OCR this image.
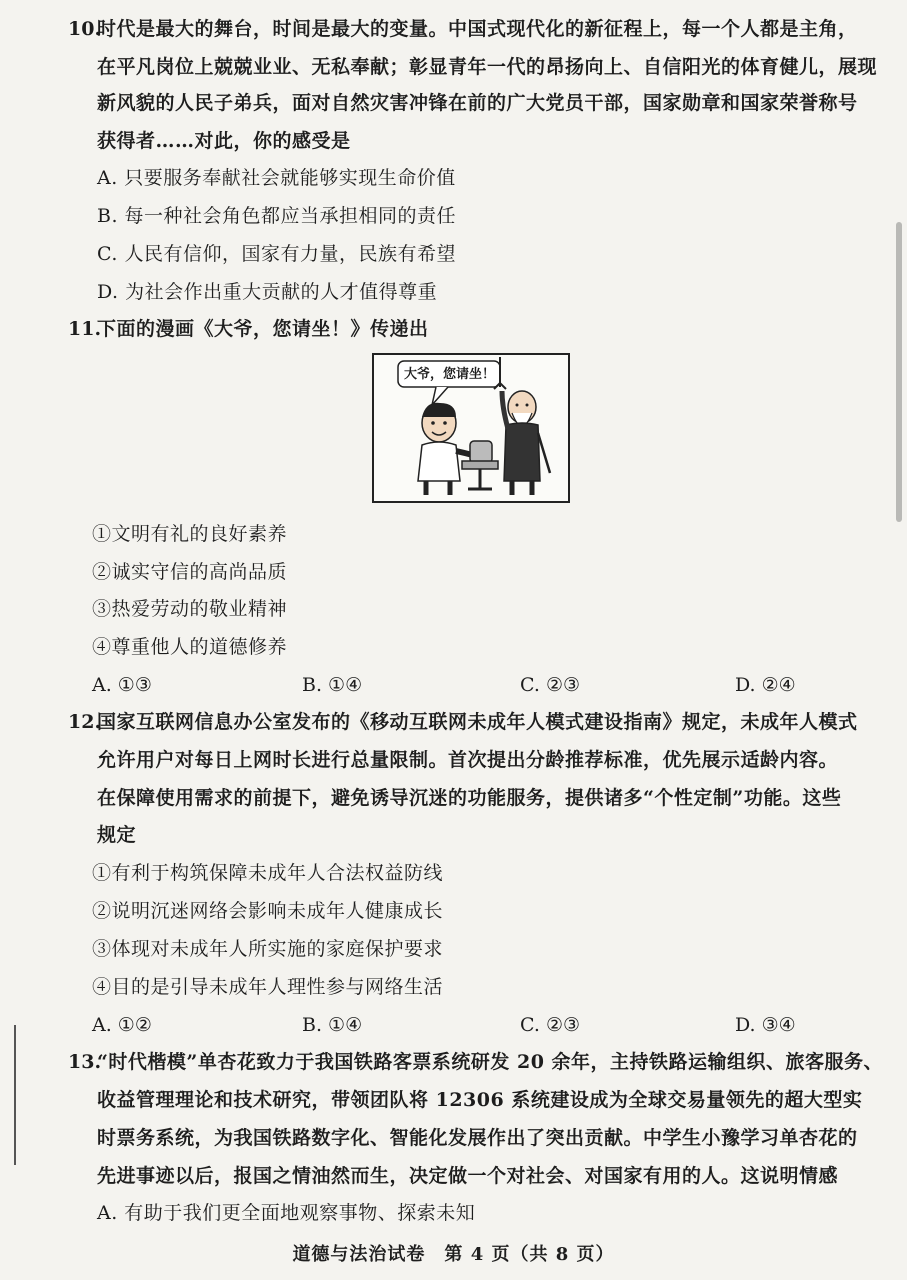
10.
时代是最大的舞台，时间是最大的变量。中国式现代化的新征程上，每一个人都是主角，
在平凡岗位上兢兢业业、无私奉献；彰显青年一代的昂扬向上、自信阳光的体育健儿，展现
新风貌的人民子弟兵，面对自然灾害冲锋在前的广大党员干部，国家勋章和国家荣誉称号
获得者……对此，你的感受是
A. 只要服务奉献社会就能够实现生命价值
B. 每一种社会角色都应当承担相同的责任
C. 人民有信仰，国家有力量，民族有希望
D. 为社会作出重大贡献的人才值得尊重
11.
下面的漫画《大爷，您请坐！》传递出
大爷，您请坐！
①文明有礼的良好素养
②诚实守信的高尚品质
③热爱劳动的敬业精神
④尊重他人的道德修养
A. ①③	B. ①④	C. ②③	D. ②④
12.
国家互联网信息办公室发布的《移动互联网未成年人模式建设指南》规定，未成年人模式
允许用户对每日上网时长进行总量限制。首次提出分龄推荐标准，优先展示适龄内容。
在保障使用需求的前提下，避免诱导沉迷的功能服务，提供诸多“个性定制”功能。这些
规定
①有利于构筑保障未成年人合法权益防线
②说明沉迷网络会影响未成年人健康成长
③体现对未成年人所实施的家庭保护要求
④目的是引导未成年人理性参与网络生活
A. ①②	B. ①④	C. ②③	D. ③④
13.
“时代楷模”单杏花致力于我国铁路客票系统研发 20 余年，主持铁路运输组织、旅客服务、
收益管理理论和技术研究，带领团队将 12306 系统建设成为全球交易量领先的超大型实
时票务系统，为我国铁路数字化、智能化发展作出了突出贡献。中学生小豫学习单杏花的
先进事迹以后，报国之情油然而生，决定做一个对社会、对国家有用的人。这说明情感
A. 有助于我们更全面地观察事物、探索未知
道德与法治试卷　第 4 页（共 8 页）
